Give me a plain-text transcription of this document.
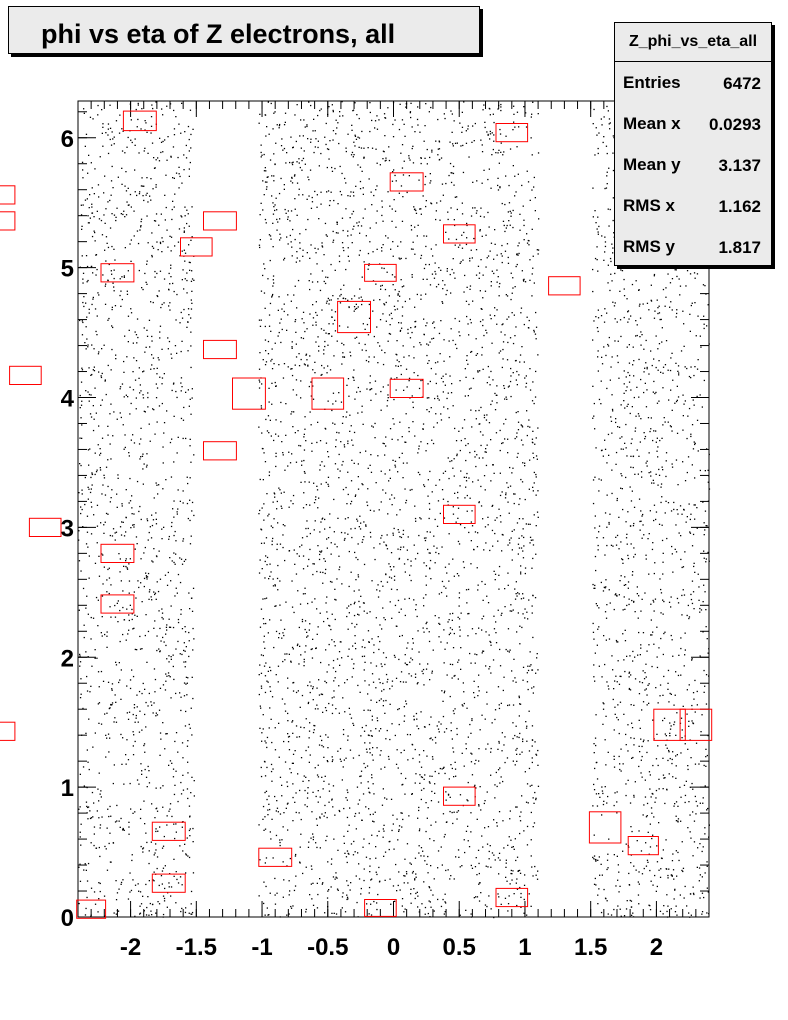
phi vs eta of Z electrons, all
-2 -1.5 -1 -0.5 0 0.5 1 1.5 2
0
1
2
3
4
5
6
Z_phi_vs_eta_all
Entries	6472
Mean x 0.0293
Mean y 3.137
RMS x	1.162
RMS y	1.817
